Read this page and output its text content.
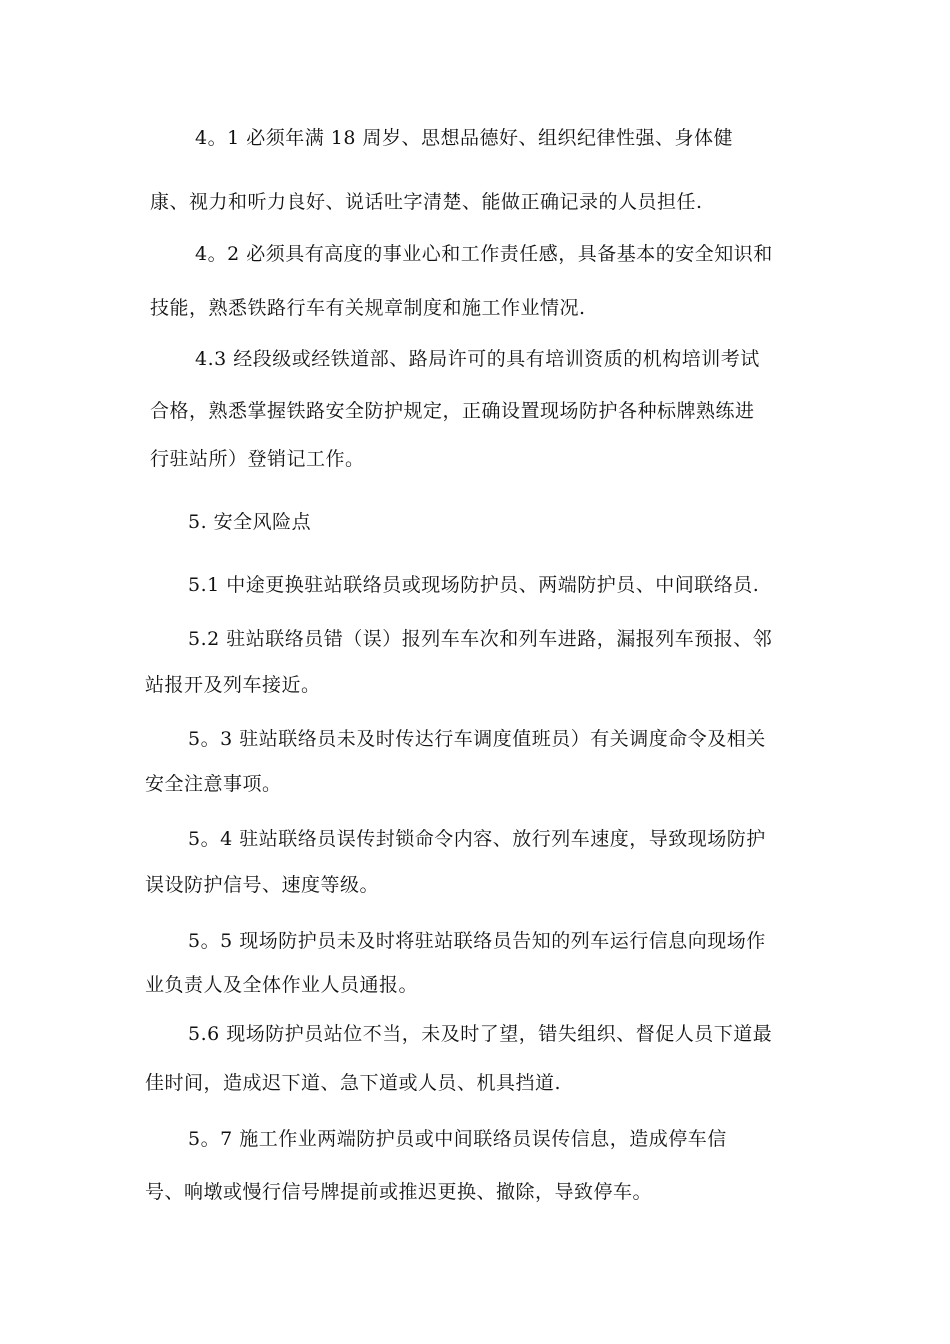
4。1 必须年满 18 周岁、思想品德好、组织纪律性强、身体健
康、视力和听力良好、说话吐字清楚、能做正确记录的人员担任.
4。2 必须具有高度的事业心和工作责任感，具备基本的安全知识和
技能，熟悉铁路行车有关规章制度和施工作业情况.
4.3 经段级或经铁道部、路局许可的具有培训资质的机构培训考试
合格，熟悉掌握铁路安全防护规定，正确设置现场防护各种标牌熟练进
行驻站所）登销记工作。
5. 安全风险点
5.1 中途更换驻站联络员或现场防护员、两端防护员、中间联络员.
5.2 驻站联络员错（误）报列车车次和列车进路，漏报列车预报、邻
站报开及列车接近。
5。3 驻站联络员未及时传达行车调度值班员）有关调度命令及相关
安全注意事项。
5。4 驻站联络员误传封锁命令内容、放行列车速度，导致现场防护
误设防护信号、速度等级。
5。5 现场防护员未及时将驻站联络员告知的列车运行信息向现场作
业负责人及全体作业人员通报。
5.6 现场防护员站位不当，未及时了望，错失组织、督促人员下道最
佳时间，造成迟下道、急下道或人员、机具挡道.
5。7 施工作业两端防护员或中间联络员误传信息，造成停车信
号、响墩或慢行信号牌提前或推迟更换、撤除，导致停车。
